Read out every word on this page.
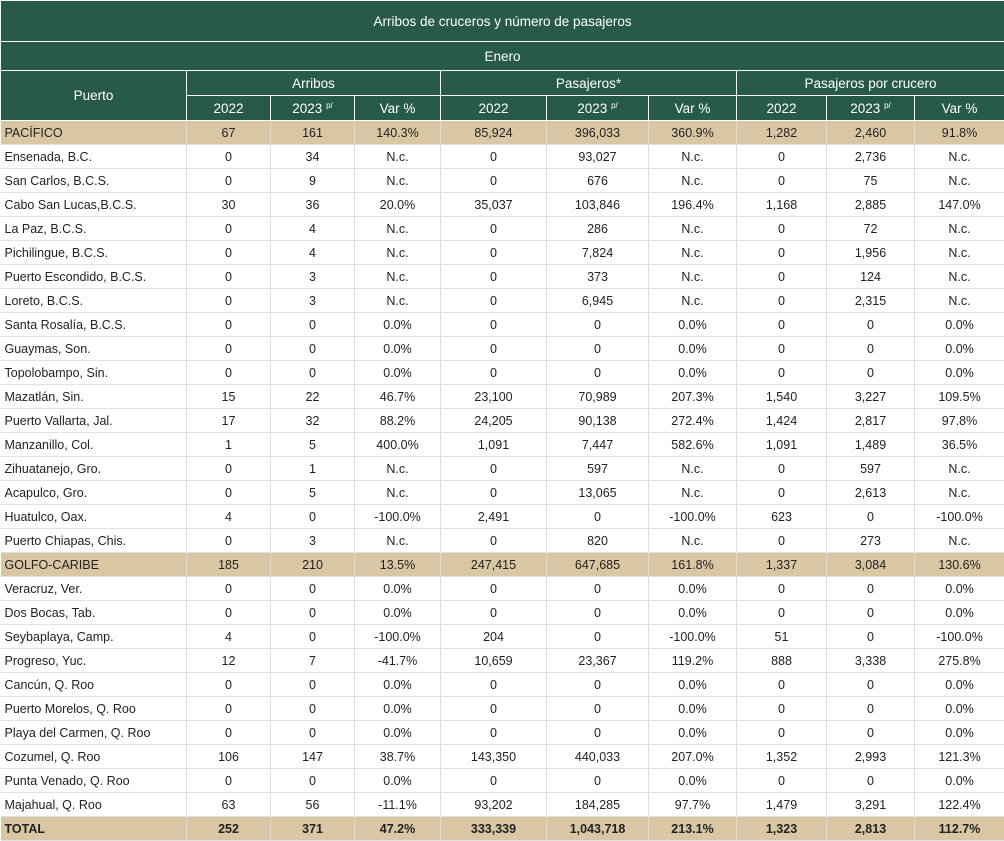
Arribos de cruceros y número de pasajeros									
Enero									
Puerto	Arribos			Pasajeros*			Pasajeros por crucero		
	2022	2023 $^{p/}$	Var %	2022	2023 $^{p/}$	Var %	2022	2023 $^{p/}$	Var %
PACÍFICO	67	161	140.3%	85,924	396,033	360.9%	1,282	2,460	91.8%
Ensenada, B.C.	0	34	N.c.	0	93,027	N.c.	0	2,736	N.c.
San Carlos, B.C.S.	0	9	N.c.	0	676	N.c.	0	75	N.c.
Cabo San Lucas,B.C.S.	30	36	20.0%	35,037	103,846	196.4%	1,168	2,885	147.0%
La Paz, B.C.S.	0	4	N.c.	0	286	N.c.	0	72	N.c.
Pichilingue, B.C.S.	0	4	N.c.	0	7,824	N.c.	0	1,956	N.c.
Puerto Escondido, B.C.S.	0	3	N.c.	0	373	N.c.	0	124	N.c.
Loreto, B.C.S.	0	3	N.c.	0	6,945	N.c.	0	2,315	N.c.
Santa Rosalía, B.C.S.	0	0	0.0%	0	0	0.0%	0	0	0.0%
Guaymas, Son.	0	0	0.0%	0	0	0.0%	0	0	0.0%
Topolobampo, Sin.	0	0	0.0%	0	0	0.0%	0	0	0.0%
Mazatlán, Sin.	15	22	46.7%	23,100	70,989	207.3%	1,540	3,227	109.5%
Puerto Vallarta, Jal.	17	32	88.2%	24,205	90,138	272.4%	1,424	2,817	97.8%
Manzanillo, Col.	1	5	400.0%	1,091	7,447	582.6%	1,091	1,489	36.5%
Zihuatanejo, Gro.	0	1	N.c.	0	597	N.c.	0	597	N.c.
Acapulco, Gro.	0	5	N.c.	0	13,065	N.c.	0	2,613	N.c.
Huatulco, Oax.	4	0	-100.0%	2,491	0	-100.0%	623	0	-100.0%
Puerto Chiapas, Chis.	0	3	N.c.	0	820	N.c.	0	273	N.c.
GOLFO-CARIBE	185	210	13.5%	247,415	647,685	161.8%	1,337	3,084	130.6%
Veracruz, Ver.	0	0	0.0%	0	0	0.0%	0	0	0.0%
Dos Bocas, Tab.	0	0	0.0%	0	0	0.0%	0	0	0.0%
Seybaplaya, Camp.	4	0	-100.0%	204	0	-100.0%	51	0	-100.0%
Progreso, Yuc.	12	7	-41.7%	10,659	23,367	119.2%	888	3,338	275.8%
Cancún, Q. Roo	0	0	0.0%	0	0	0.0%	0	0	0.0%
Puerto Morelos, Q. Roo	0	0	0.0%	0	0	0.0%	0	0	0.0%
Playa del Carmen, Q. Roo	0	0	0.0%	0	0	0.0%	0	0	0.0%
Cozumel, Q. Roo	106	147	38.7%	143,350	440,033	207.0%	1,352	2,993	121.3%
Punta Venado, Q. Roo	0	0	0.0%	0	0	0.0%	0	0	0.0%
Majahual, Q. Roo	63	56	-11.1%	93,202	184,285	97.7%	1,479	3,291	122.4%
TOTAL	252	371	47.2%	333,339	1,043,718	213.1%	1,323	2,813	112.7%
